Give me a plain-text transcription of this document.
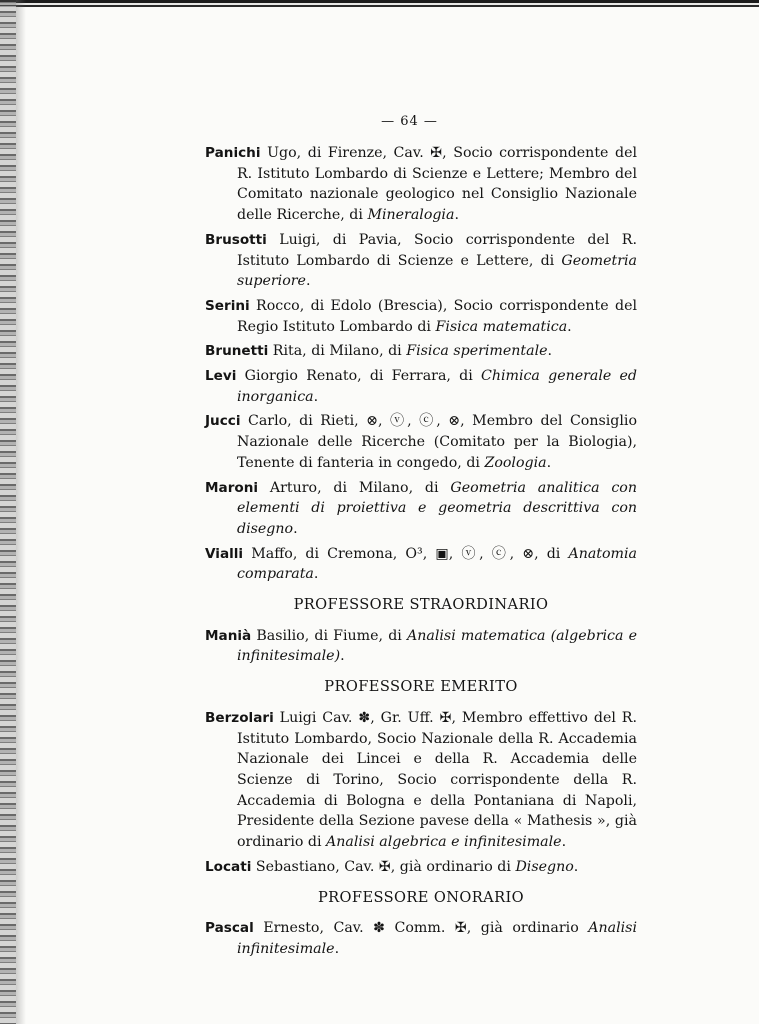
— 64 —

Panichi Ugo, di Firenze, Cav. ✠, Socio corrispondente del R. Istituto Lombardo di Scienze e Lettere; Membro del Comitato nazionale geologico nel Consiglio Nazionale delle Ricerche, di Mineralogia.

Brusotti Luigi, di Pavia, Socio corrispondente del R. Istituto Lombardo di Scienze e Lettere, di Geometria superiore.

Serini Rocco, di Edolo (Brescia), Socio corrispondente del Regio Istituto Lombardo di Fisica matematica.

Brunetti Rita, di Milano, di Fisica sperimentale.

Levi Giorgio Renato, di Ferrara, di Chimica generale ed inorganica.

Jucci Carlo, di Rieti, ⊗, ⓥ, ⓒ, ⊗, Membro del Consiglio Nazionale delle Ricerche (Comitato per la Biologia), Tenente di fanteria in congedo, di Zoologia.

Maroni Arturo, di Milano, di Geometria analitica con elementi di proiettiva e geometria descrittiva con disegno.

Vialli Maffo, di Cremona, O³, ▣, ⓥ, ⓒ, ⊗, di Anatomia comparata.

PROFESSORE STRAORDINARIO

Manià Basilio, di Fiume, di Analisi matematica (algebrica e infinitesimale).

PROFESSORE EMERITO

Berzolari Luigi Cav. ✽, Gr. Uff. ✠, Membro effettivo del R. Istituto Lombardo, Socio Nazionale della R. Accademia Nazionale dei Lincei e della R. Accademia delle Scienze di Torino, Socio corrispondente della R. Accademia di Bologna e della Pontaniana di Napoli, Presidente della Sezione pavese della « Mathesis », già ordinario di Analisi algebrica e infinitesimale.

Locati Sebastiano, Cav. ✠, già ordinario di Disegno.

PROFESSORE ONORARIO

Pascal Ernesto, Cav. ✽ Comm. ✠, già ordinario Analisi infinitesimale.
